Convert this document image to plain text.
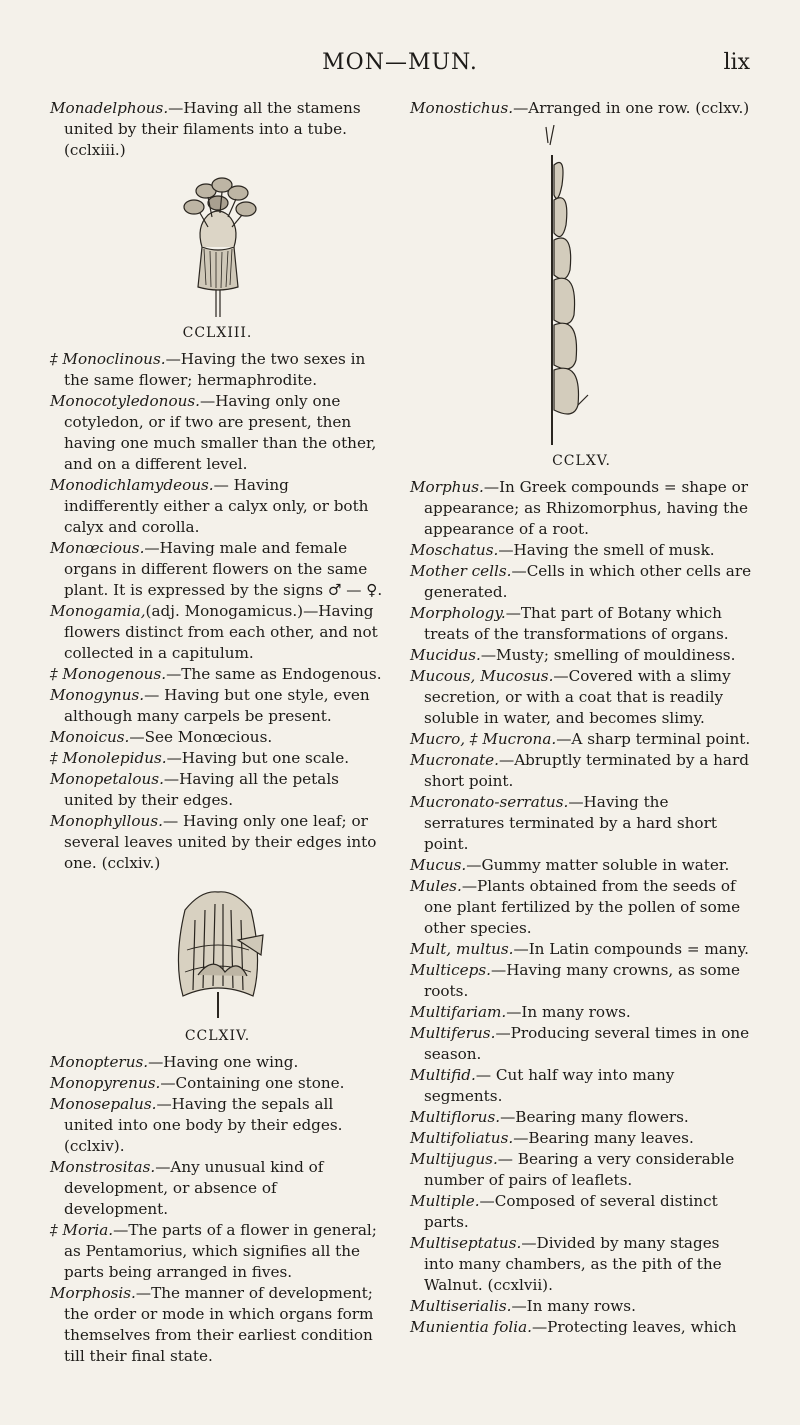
MON—MUN.	lix

Monadelphous.—Having all the stamens united by their filaments into a tube. (cclxiii.)

CCLXIII.

‡ Monoclinous.—Having the two sexes in the same flower; hermaphrodite.

Monocotyledonous.—Having only one cotyledon, or if two are present, then having one much smaller than the other, and on a different level.

Monodichlamydeous.— Having indifferently either a calyx only, or both calyx and corolla.

Monœcious.—Having male and female organs in different flowers on the same plant. It is expressed by the signs ♂ — ♀.

Monogamia,(adj. Monogamicus.)—Having flowers distinct from each other, and not collected in a capitulum.

‡ Monogenous.—The same as Endogenous.

Monogynus.— Having but one style, even although many carpels be present.

Monoicus.—See Monœcious.

‡ Monolepidus.—Having but one scale.

Monopetalous.—Having all the petals united by their edges.

Monophyllous.— Having only one leaf; or several leaves united by their edges into one. (cclxiv.)

CCLXIV.

Monopterus.—Having one wing.

Monopyrenus.—Containing one stone.

Monosepalus.—Having the sepals all united into one body by their edges. (cclxiv).

Monstrositas.—Any unusual kind of development, or absence of development.

‡ Moria.—The parts of a flower in general; as Pentamorius, which signifies all the parts being arranged in fives.

Morphosis.—The manner of development; the order or mode in which organs form themselves from their earliest condition till their final state.

Monostichus.—Arranged in one row. (cclxv.)

CCLXV.

Morphus.—In Greek compounds = shape or appearance; as Rhizomorphus, having the appearance of a root.

Moschatus.—Having the smell of musk.

Mother cells.—Cells in which other cells are generated.

Morphology.—That part of Botany which treats of the transformations of organs.

Mucidus.—Musty; smelling of mouldiness.

Mucous, Mucosus.—Covered with a slimy secretion, or with a coat that is readily soluble in water, and becomes slimy.

Mucro, ‡ Mucrona.—A sharp terminal point.

Mucronate.—Abruptly terminated by a hard short point.

Mucronato-serratus.—Having the serratures terminated by a hard short point.

Mucus.—Gummy matter soluble in water.

Mules.—Plants obtained from the seeds of one plant fertilized by the pollen of some other species.

Mult, multus.—In Latin compounds = many.

Multiceps.—Having many crowns, as some roots.

Multifariam.—In many rows.

Multiferus.—Producing several times in one season.

Multifid.— Cut half way into many segments.

Multiflorus.—Bearing many flowers.

Multifoliatus.—Bearing many leaves.

Multijugus.— Bearing a very considerable number of pairs of leaflets.

Multiple.—Composed of several distinct parts.

Multiseptatus.—Divided by many stages into many chambers, as the pith of the Walnut. (ccxlvii).

Multiserialis.—In many rows.

Munientia folia.—Protecting leaves, which
